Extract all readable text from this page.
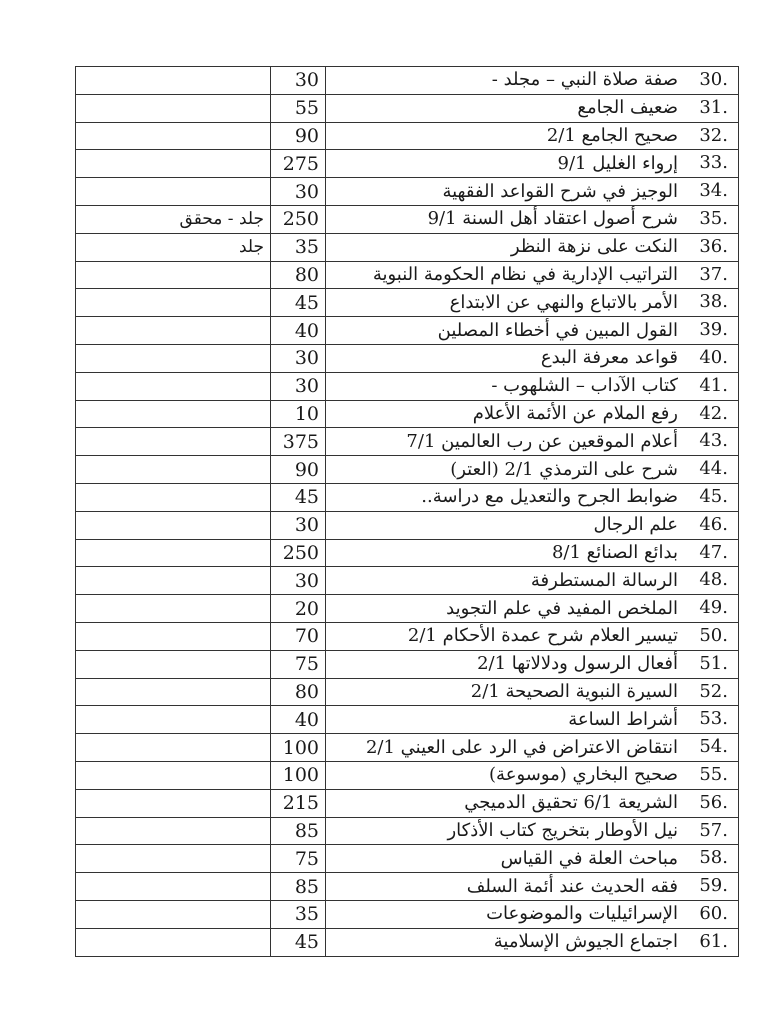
	30	30.
صفة صلاة النبي – مجلد -

	55	31.
ضعيف الجامع

	90	32.
صحيح الجامع 2/1

	275	33.
إرواء الغليل 9/1

	30	34.
الوجيز في شرح القواعد الفقهية

جلد - محقق	250	35.
شرح أصول اعتقاد أهل السنة 9/1

جلد	35	36.
النكت على نزهة النظر

	80	37.
التراتيب الإدارية في نظام الحكومة النبوية

	45	38.
الأمر بالاتباع والنهي عن الابتداع

	40	39.
القول المبين في أخطاء المصلين

	30	40.
قواعد معرفة البدع

	30	41.
كتاب الآداب – الشلهوب -

	10	42.
رفع الملام عن الأئمة الأعلام

	375	43.
أعلام الموقعين عن رب العالمين 7/1

	90	44.
شرح على الترمذي 2/1 (العتر)

	45	45.
ضوابط الجرح والتعديل مع دراسة..

	30	46.
علم الرجال

	250	47.
بدائع الصنائع 8/1

	30	48.
الرسالة المستطرفة

	20	49.
الملخص المفيد في علم التجويد

	70	50.
تيسير العلام شرح عمدة الأحكام 2/1

	75	51.
أفعال الرسول ودلالاتها 2/1

	80	52.
السيرة النبوية الصحيحة 2/1

	40	53.
أشراط الساعة

	100	54.
انتقاض الاعتراض في الرد على العيني 2/1

	100	55.
صحيح البخاري (موسوعة)

	215	56.
الشريعة 6/1 تحقيق الدميجي

	85	57.
نيل الأوطار بتخريج كتاب الأذكار

	75	58.
مباحث العلة في القياس

	85	59.
فقه الحديث عند أئمة السلف

	35	60.
الإسرائيليات والموضوعات

	45	61.
اجتماع الجيوش الإسلامية
